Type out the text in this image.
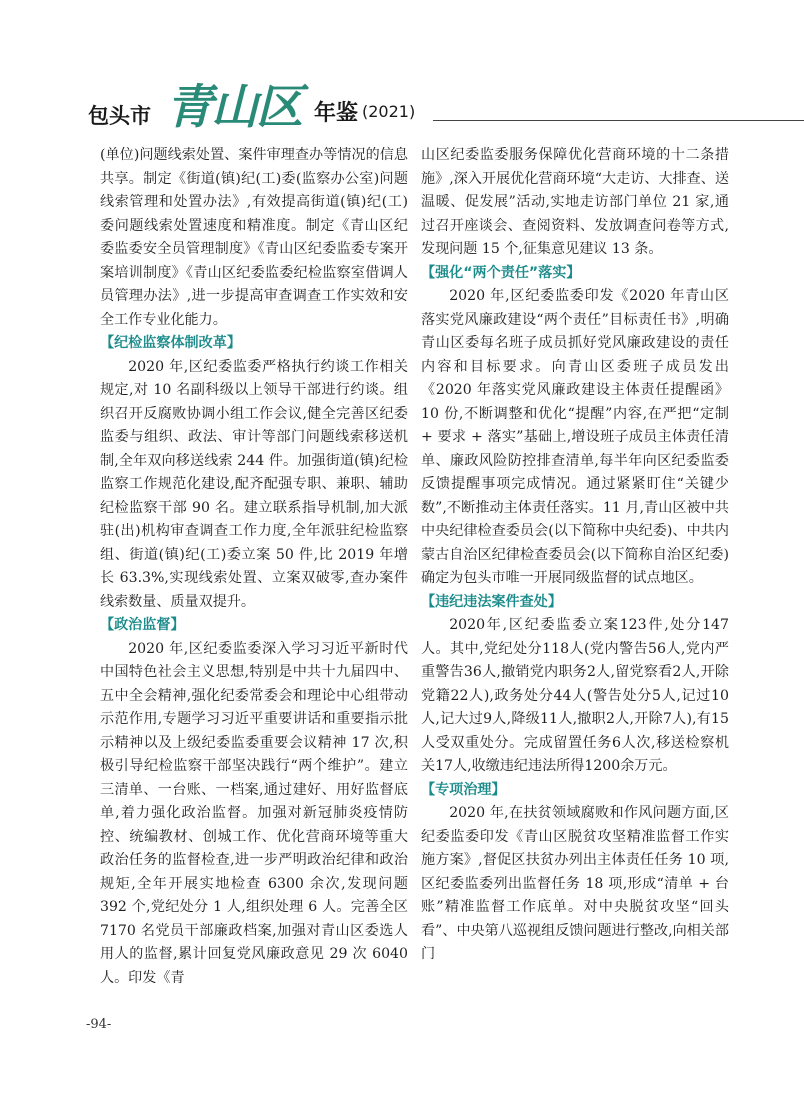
包头市 青山区 年鉴 (2021)

(单位)问题线索处置、案件审理查办等情况的信息共享。制定《街道(镇)纪(工)委(监察办公室)问题线索管理和处置办法》,有效提高街道(镇)纪(工)委问题线索处置速度和精准度。制定《青山区纪委监委安全员管理制度》《青山区纪委监委专案开案培训制度》《青山区纪委监委纪检监察室借调人员管理办法》,进一步提高审查调查工作实效和安全工作专业化能力。

【纪检监察体制改革】

2020 年,区纪委监委严格执行约谈工作相关规定,对 10 名副科级以上领导干部进行约谈。组织召开反腐败协调小组工作会议,健全完善区纪委监委与组织、政法、审计等部门问题线索移送机制,全年双向移送线索 244 件。加强街道(镇)纪检监察工作规范化建设,配齐配强专职、兼职、辅助纪检监察干部 90 名。建立联系指导机制,加大派驻(出)机构审查调查工作力度,全年派驻纪检监察组、街道(镇)纪(工)委立案 50 件,比 2019 年增长 63.3%,实现线索处置、立案双破零,查办案件线索数量、质量双提升。

【政治监督】

2020 年,区纪委监委深入学习习近平新时代中国特色社会主义思想,特别是中共十九届四中、五中全会精神,强化纪委常委会和理论中心组带动示范作用,专题学习习近平重要讲话和重要指示批示精神以及上级纪委监委重要会议精神 17 次,积极引导纪检监察干部坚决践行“两个维护”。建立三清单、一台账、一档案,通过建好、用好监督底单,着力强化政治监督。加强对新冠肺炎疫情防控、统编教材、创城工作、优化营商环境等重大政治任务的监督检查,进一步严明政治纪律和政治规矩,全年开展实地检查 6300 余次,发现问题 392 个,党纪处分 1 人,组织处理 6 人。完善全区 7170 名党员干部廉政档案,加强对青山区委选人用人的监督,累计回复党风廉政意见 29 次 6040 人。印发《青

山区纪委监委服务保障优化营商环境的十二条措施》,深入开展优化营商环境“大走访、大排查、送温暖、促发展”活动,实地走访部门单位 21 家,通过召开座谈会、查阅资料、发放调查问卷等方式,发现问题 15 个,征集意见建议 13 条。

【强化“两个责任”落实】

2020 年,区纪委监委印发《2020 年青山区落实党风廉政建设“两个责任”目标责任书》,明确青山区委每名班子成员抓好党风廉政建设的责任内容和目标要求。向青山区委班子成员发出《2020 年落实党风廉政建设主体责任提醒函》10 份,不断调整和优化“提醒”内容,在严把“定制 + 要求 + 落实”基础上,增设班子成员主体责任清单、廉政风险防控排查清单,每半年向区纪委监委反馈提醒事项完成情况。通过紧紧盯住“关键少数”,不断推动主体责任落实。11 月,青山区被中共中央纪律检查委员会(以下简称中央纪委)、中共内蒙古自治区纪律检查委员会(以下简称自治区纪委)确定为包头市唯一开展同级监督的试点地区。

【违纪违法案件查处】

2020年,区纪委监委立案123件,处分147人。其中,党纪处分118人(党内警告56人,党内严重警告36人,撤销党内职务2人,留党察看2人,开除党籍22人),政务处分44人(警告处分5人,记过10人,记大过9人,降级11人,撤职2人,开除7人),有15人受双重处分。完成留置任务6人次,移送检察机关17人,收缴违纪违法所得1200余万元。

【专项治理】

2020 年,在扶贫领域腐败和作风问题方面,区纪委监委印发《青山区脱贫攻坚精准监督工作实施方案》,督促区扶贫办列出主体责任任务 10 项,区纪委监委列出监督任务 18 项,形成“清单 + 台账”精准监督工作底单。对中央脱贫攻坚“回头看”、中央第八巡视组反馈问题进行整改,向相关部门

-94-
